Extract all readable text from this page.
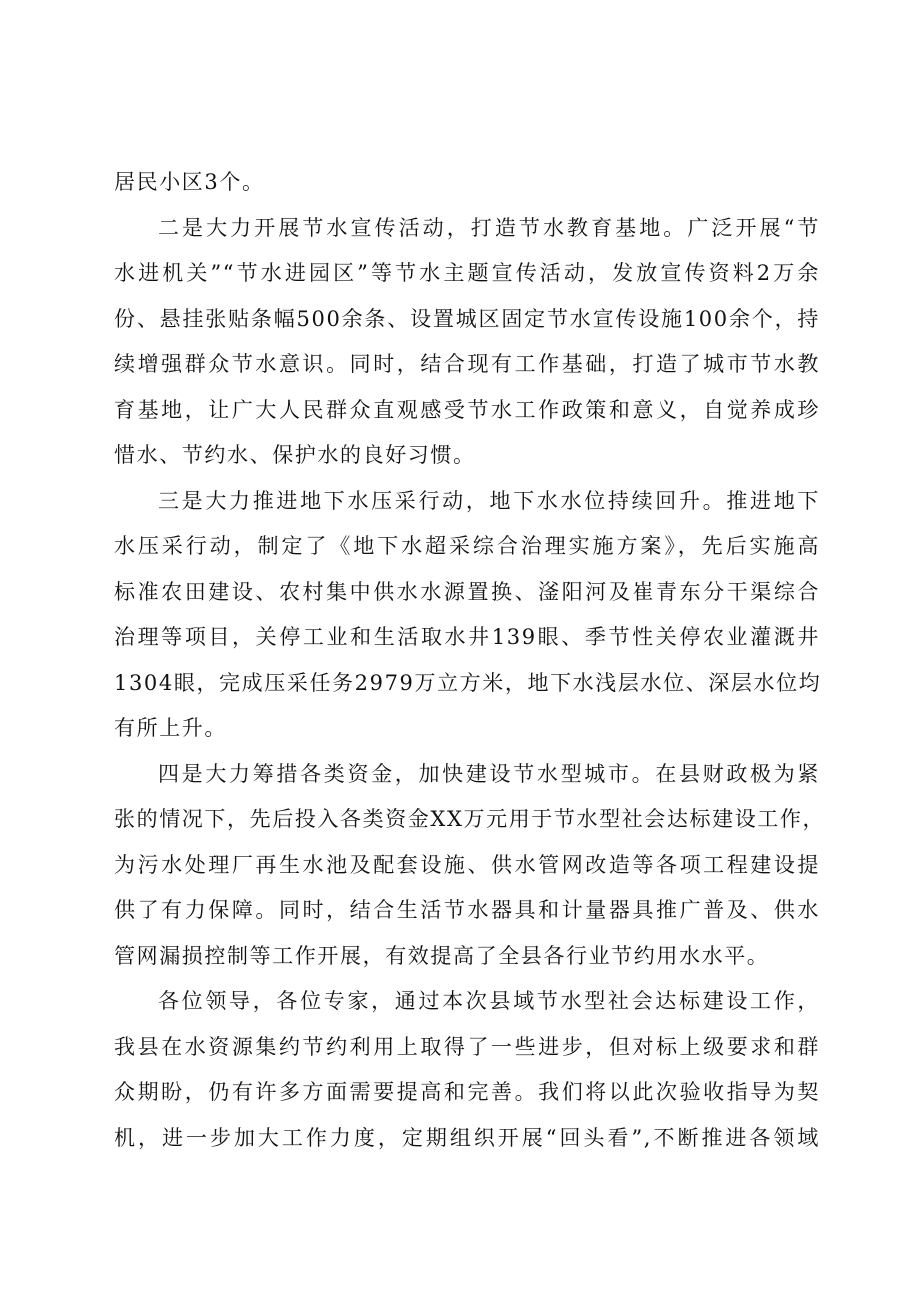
居民小区3个。
二是大力开展节水宣传活动，打造节水教育基地。广泛开展“节
水进机关”“节水进园区”等节水主题宣传活动，发放宣传资料2万余
份、悬挂张贴条幅500余条、设置城区固定节水宣传设施100余个，持
续增强群众节水意识。同时，结合现有工作基础，打造了城市节水教
育基地，让广大人民群众直观感受节水工作政策和意义，自觉养成珍
惜水、节约水、保护水的良好习惯。
三是大力推进地下水压采行动，地下水水位持续回升。推进地下
水压采行动，制定了《地下水超采综合治理实施方案》，先后实施高
标准农田建设、农村集中供水水源置换、滏阳河及崔青东分干渠综合
治理等项目，关停工业和生活取水井139眼、季节性关停农业灌溉井
1304眼，完成压采任务2979万立方米，地下水浅层水位、深层水位均
有所上升。
四是大力筹措各类资金，加快建设节水型城市。在县财政极为紧
张的情况下，先后投入各类资金XX万元用于节水型社会达标建设工作，
为污水处理厂再生水池及配套设施、供水管网改造等各项工程建设提
供了有力保障。同时，结合生活节水器具和计量器具推广普及、供水
管网漏损控制等工作开展，有效提高了全县各行业节约用水水平。
各位领导，各位专家，通过本次县域节水型社会达标建设工作，
我县在水资源集约节约利用上取得了一些进步，但对标上级要求和群
众期盼，仍有许多方面需要提高和完善。我们将以此次验收指导为契
机，进一步加大工作力度，定期组织开展“回头看”,不断推进各领域
